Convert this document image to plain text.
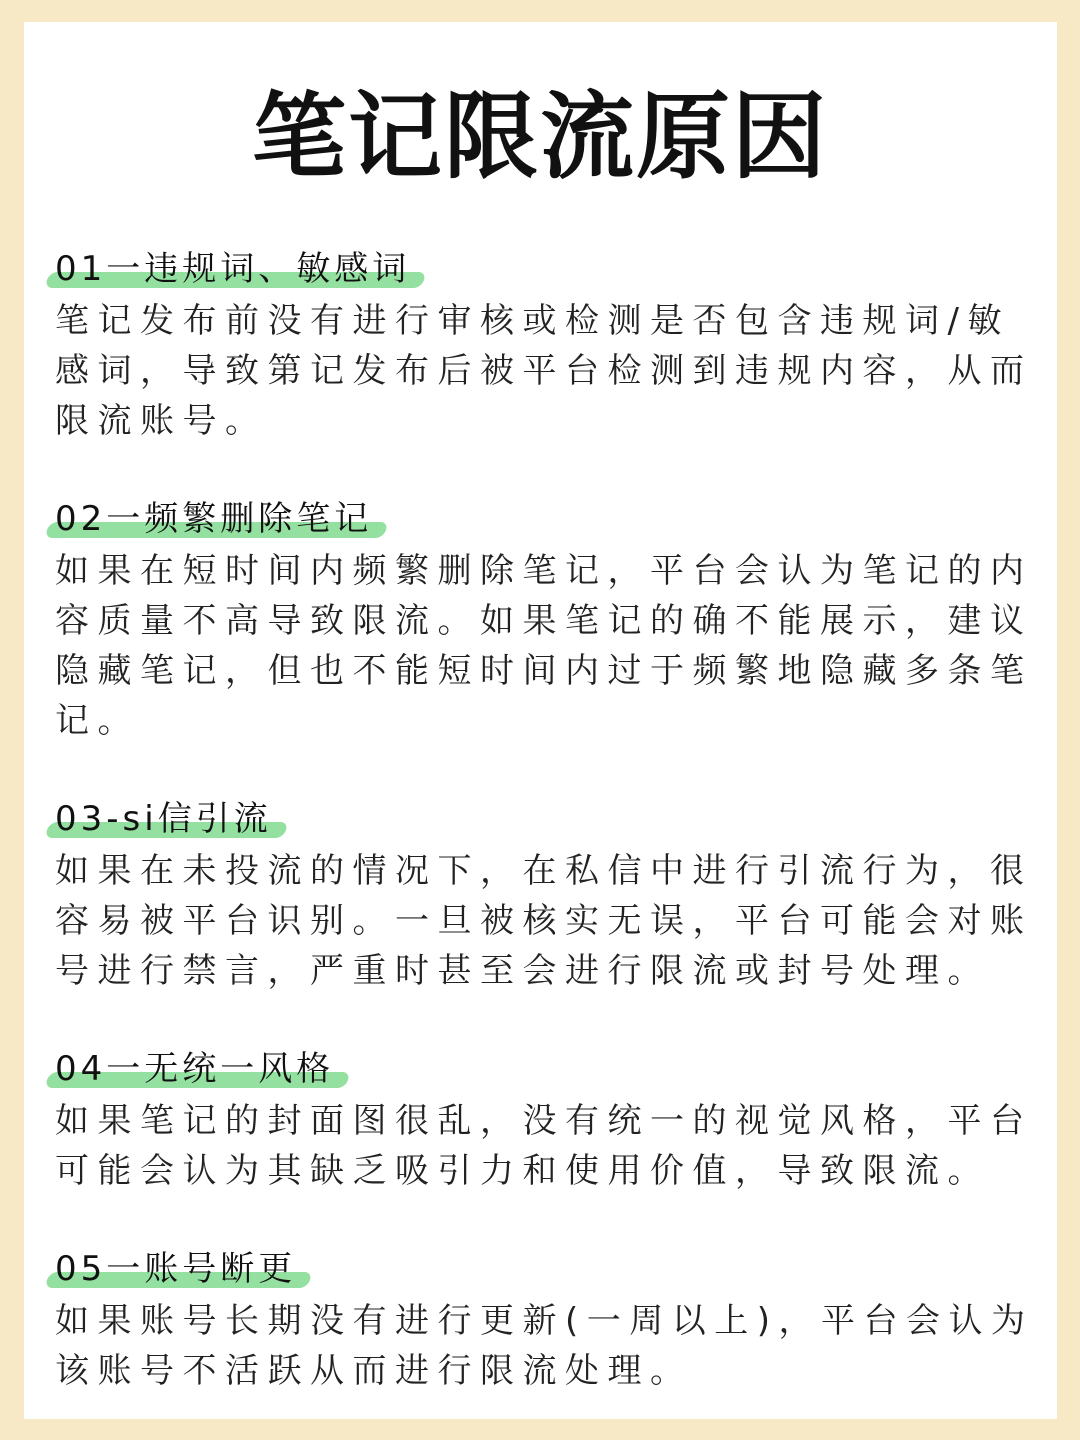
笔记限流原因
01一违规词、敏感词
笔记发布前没有进行审核或检测是否包含违规词/敏
感词，导致第记发布后被平台检测到违规内容，从而
限流账号。
02一频繁删除笔记
如果在短时间内频繁删除笔记，平台会认为笔记的内
容质量不高导致限流。如果笔记的确不能展示，建议
隐藏笔记，但也不能短时间内过于频繁地隐藏多条笔
记。
03-si信引流
如果在未投流的情况下，在私信中进行引流行为，很
容易被平台识别。一旦被核实无误，平台可能会对账
号进行禁言，严重时甚至会进行限流或封号处理。
04一无统一风格
如果笔记的封面图很乱，没有统一的视觉风格，平台
可能会认为其缺乏吸引力和使用价值，导致限流。
05一账号断更
如果账号长期没有进行更新(一周以上)，平台会认为
该账号不活跃从而进行限流处理。
